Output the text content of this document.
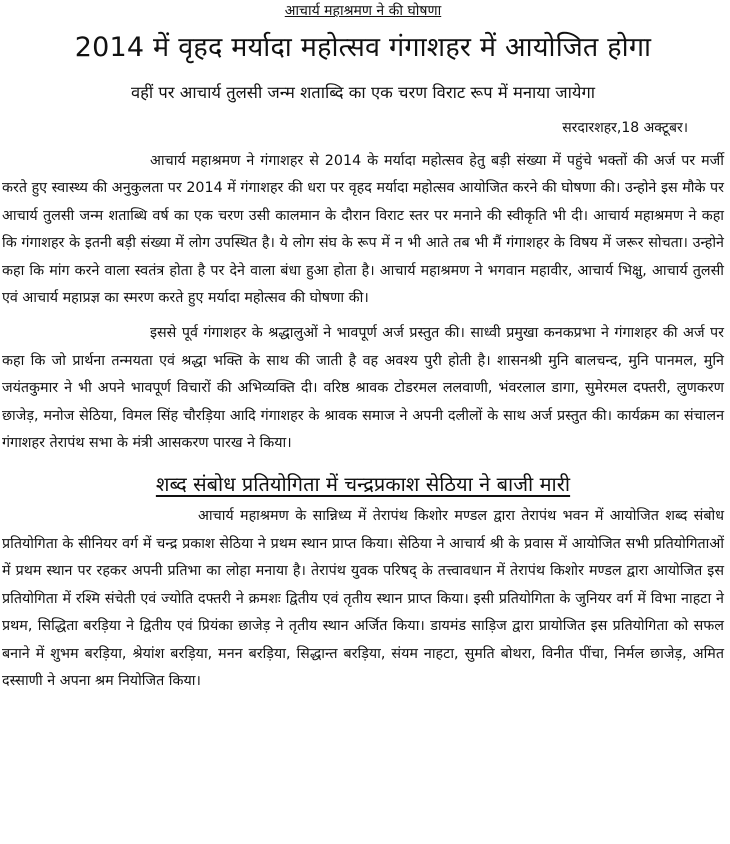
आचार्य महाश्रमण ने की घोषणा
2014 में वृहद मर्यादा महोत्सव गंगाशहर में आयोजित होगा
वहीं पर आचार्य तुलसी जन्म शताब्दि का एक चरण विराट रूप में मनाया जायेगा
सरदारशहर,18 अक्टूबर।

आचार्य महाश्रमण ने गंगाशहर से 2014 के मर्यादा महोत्सव हेतु बड़ी संख्या में पहुंचे भक्तों की अर्ज पर मर्जी करते हुए स्वास्थ्य की अनुकुलता पर 2014 में गंगाशहर की धरा पर वृहद मर्यादा महोत्सव आयोजित करने की घोषणा की। उन्होने इस मौके पर आचार्य तुलसी जन्म शताब्धि वर्ष का एक चरण उसी कालमान के दौरान विराट स्तर पर मनाने की स्वीकृति भी दी। आचार्य महाश्रमण ने कहा कि गंगाशहर के इतनी बड़ी संख्या में लोग उपस्थित है। ये लोग संघ के रूप में न भी आते तब भी मैं गंगाशहर के विषय में जरूर सोचता। उन्होने कहा कि मांग करने वाला स्वतंत्र होता है पर देने वाला बंधा हुआ होता है। आचार्य महाश्रमण ने भगवान महावीर, आचार्य भिक्षु, आचार्य तुलसी एवं आचार्य महाप्रज्ञ का स्मरण करते हुए मर्यादा महोत्सव की घोषणा की।

इससे पूर्व गंगाशहर के श्रद्धालुओं ने भावपूर्ण अर्ज प्रस्तुत की। साध्वी प्रमुखा कनकप्रभा ने गंगाशहर की अर्ज पर कहा कि जो प्रार्थना तन्मयता एवं श्रद्धा भक्ति के साथ की जाती है वह अवश्य पुरी होती है। शासनश्री मुनि बालचन्द, मुनि पानमल, मुनि जयंतकुमार ने भी अपने भावपूर्ण विचारों की अभिव्यक्ति दी। वरिष्ठ श्रावक टोडरमल ललवाणी, भंवरलाल डागा, सुमेरमल दफ्तरी, लुणकरण छाजेड़, मनोज सेठिया, विमल सिंह चौरड़िया आदि गंगाशहर के श्रावक समाज ने अपनी दलीलों के साथ अर्ज प्रस्तुत की। कार्यक्रम का संचालन गंगाशहर तेरापंथ सभा के मंत्री आसकरण पारख ने किया।

शब्द संबोध प्रतियोगिता में चन्द्रप्रकाश सेठिया ने बाजी मारी

आचार्य महाश्रमण के सान्निध्य में तेरापंथ किशोर मण्डल द्वारा तेरापंथ भवन में आयोजित शब्द संबोध प्रतियोगिता के सीनियर वर्ग में चन्द्र प्रकाश सेठिया ने प्रथम स्थान प्राप्त किया। सेठिया ने आचार्य श्री के प्रवास में आयोजित सभी प्रतियोगिताओं में प्रथम स्थान पर रहकर अपनी प्रतिभा का लोहा मनाया है। तेरापंथ युवक परिषद् के तत्त्वावधान में तेरापंथ किशोर मण्डल द्वारा आयोजित इस प्रतियोगिता में रश्मि संचेती एवं ज्योति दफ्तरी ने क्रमशः द्वितीय एवं तृतीय स्थान प्राप्त किया। इसी प्रतियोगिता के जुनियर वर्ग में विभा नाहटा ने प्रथम, सिद्धिता बरड़िया ने द्वितीय एवं प्रियंका छाजेड़ ने तृतीय स्थान अर्जित किया। डायमंड साड़िज द्वारा प्रायोजित इस प्रतियोगिता को सफल बनाने में शुभम बरड़िया, श्रेयांश बरड़िया, मनन बरड़िया, सिद्धान्त बरड़िया, संयम नाहटा, सुमति बोथरा, विनीत पींचा, निर्मल छाजेड़, अमित दस्साणी ने अपना श्रम नियोजित किया।
